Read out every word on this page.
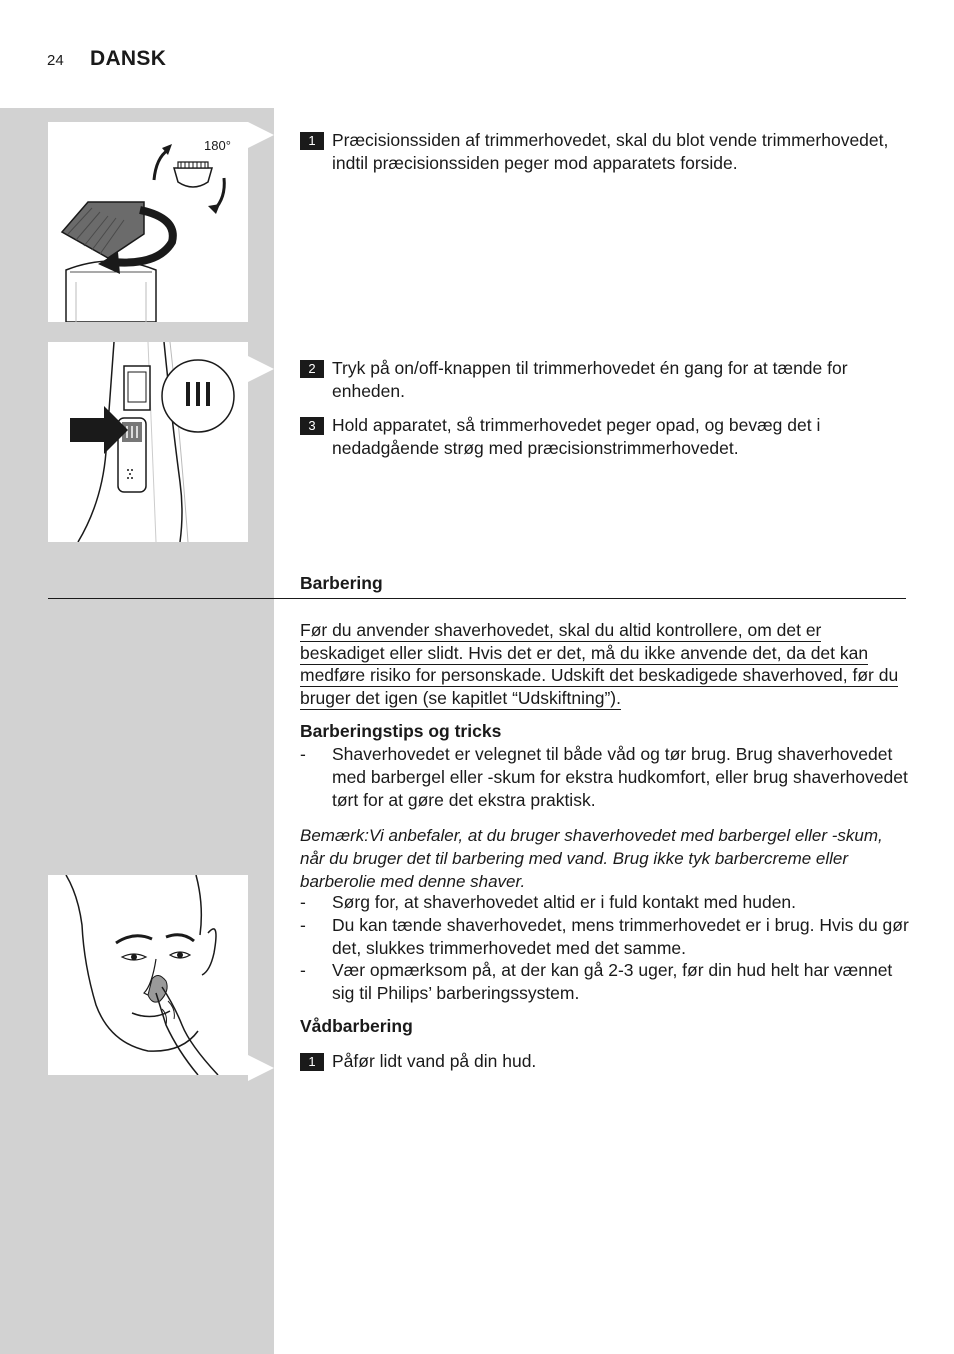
24 DANSK
180°	1 Præcisionssiden af trimmerhovedet, skal du blot vende trimmerhovedet, indtil præcisionssiden peger mod apparatets forside.
2 Tryk på on/off-knappen til trimmerhovedet én gang for at tænde for enheden.
3 Hold apparatet, så trimmerhovedet peger opad, og bevæg det i nedadgående strøg med præcisionstrimmerhovedet.
Barbering
Før du anvender shaverhovedet, skal du altid kontrollere, om det er beskadiget eller slidt. Hvis det er det, må du ikke anvende det, da det kan medføre risiko for personskade. Udskift det beskadigede shaverhoved, før du bruger det igen (se kapitlet “Udskiftning”).
Barberingstips og tricks
- Shaverhovedet er velegnet til både våd og tør brug. Brug shaverhovedet med barbergel eller -skum for ekstra hudkomfort, eller brug shaverhovedet tørt for at gøre det ekstra praktisk.
Bemærk:Vi anbefaler, at du bruger shaverhovedet med barbergel eller -skum, når du bruger det til barbering med vand. Brug ikke tyk barbercreme eller barberolie med denne shaver.
- Sørg for, at shaverhovedet altid er i fuld kontakt med huden.
- Du kan tænde shaverhovedet, mens trimmerhovedet er i brug. Hvis du gør det, slukkes trimmerhovedet med det samme.
- Vær opmærksom på, at der kan gå 2-3 uger, før din hud helt har vænnet sig til Philips’ barberingssystem.
Vådbarbering
1 Påfør lidt vand på din hud.
